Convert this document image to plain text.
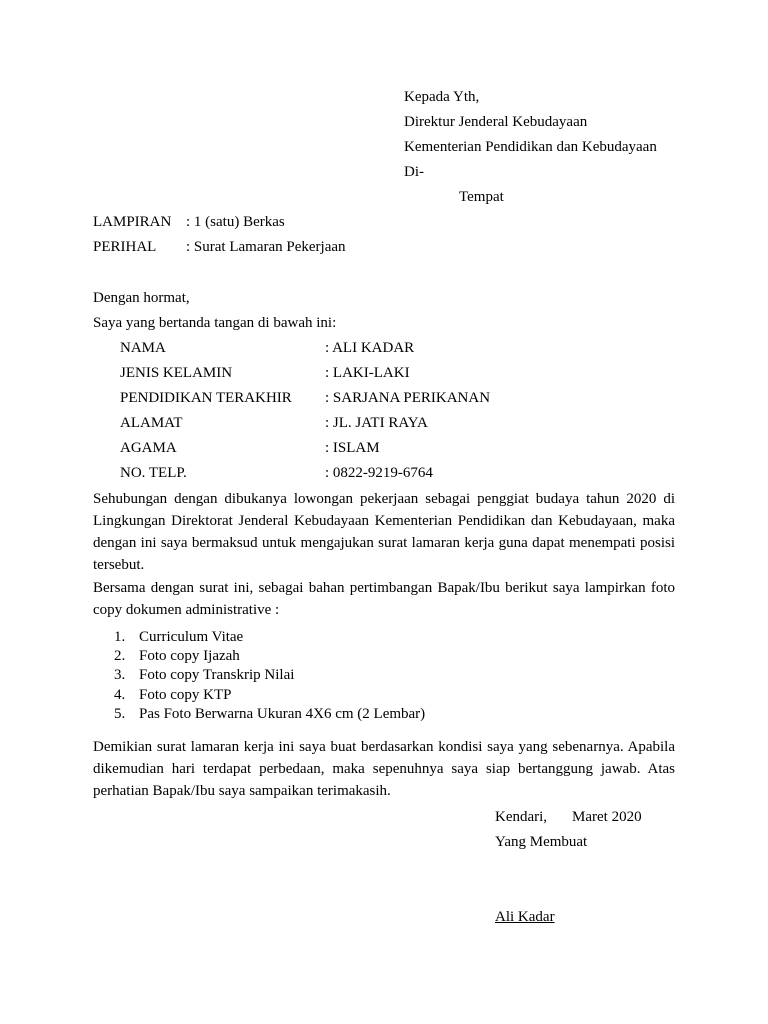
Kepada Yth,
Direktur Jenderal Kebudayaan
Kementerian Pendidikan dan Kebudayaan
Di-
Tempat
LAMPIRAN : 1 (satu) Berkas
PERIHAL : Surat Lamaran Pekerjaan
Dengan hormat,
Saya yang bertanda tangan di bawah ini:
NAMA	: ALI KADAR
JENIS KELAMIN	: LAKI-LAKI
PENDIDIKAN TERAKHIR : SARJANA PERIKANAN
ALAMAT	: JL. JATI RAYA
AGAMA	: ISLAM
NO. TELP.	: 0822-9219-6764
Sehubungan dengan dibukanya lowongan pekerjaan sebagai penggiat budaya tahun 2020 di Lingkungan Direktorat Jenderal Kebudayaan Kementerian Pendidikan dan Kebudayaan, maka dengan ini saya bermaksud untuk mengajukan surat lamaran kerja guna dapat menempati posisi tersebut.
Bersama dengan surat ini, sebagai bahan pertimbangan Bapak/Ibu berikut saya lampirkan foto copy dokumen administrative :
1. Curriculum Vitae
2. Foto copy Ijazah
3. Foto copy Transkrip Nilai
4. Foto copy KTP
5. Pas Foto Berwarna Ukuran 4X6 cm (2 Lembar)
Demikian surat lamaran kerja ini saya buat berdasarkan kondisi saya yang sebenarnya. Apabila dikemudian hari terdapat perbedaan, maka sepenuhnya saya siap bertanggung jawab. Atas perhatian Bapak/Ibu saya sampaikan terimakasih.
Kendari, Maret 2020
Yang Membuat
Ali Kadar
